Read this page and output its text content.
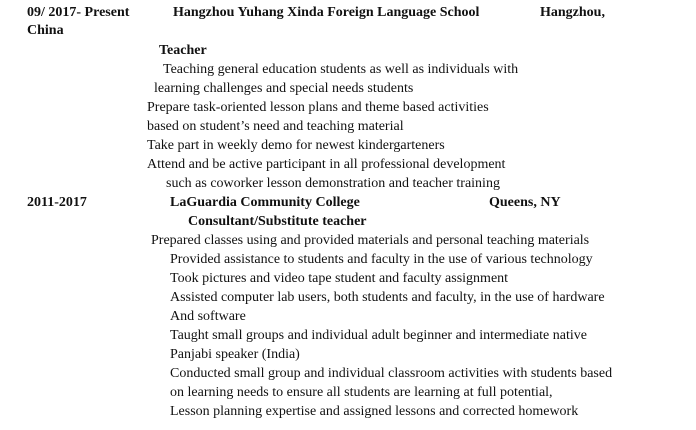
09/ 2017- Present	Hangzhou Yuhang Xinda Foreign Language School	Hangzhou,
China
Teacher
Teaching general education students as well as individuals with
learning challenges and special needs students
Prepare task-oriented lesson plans and theme based activities
based on student’s need and teaching material
Take part in weekly demo for newest kindergarteners
Attend and be active participant in all professional development
such as coworker lesson demonstration and teacher training
2011-2017	LaGuardia Community College	Queens, NY
Consultant/Substitute teacher
Prepared classes using and provided materials and personal teaching materials
Provided assistance to students and faculty in the use of various technology
Took pictures and video tape student and faculty assignment
Assisted computer lab users, both students and faculty, in the use of hardware
And software
Taught small groups and individual adult beginner and intermediate native
Panjabi speaker (India)
Conducted small group and individual classroom activities with students based
on learning needs to ensure all students are learning at full potential,
Lesson planning expertise and assigned lessons and corrected homework
